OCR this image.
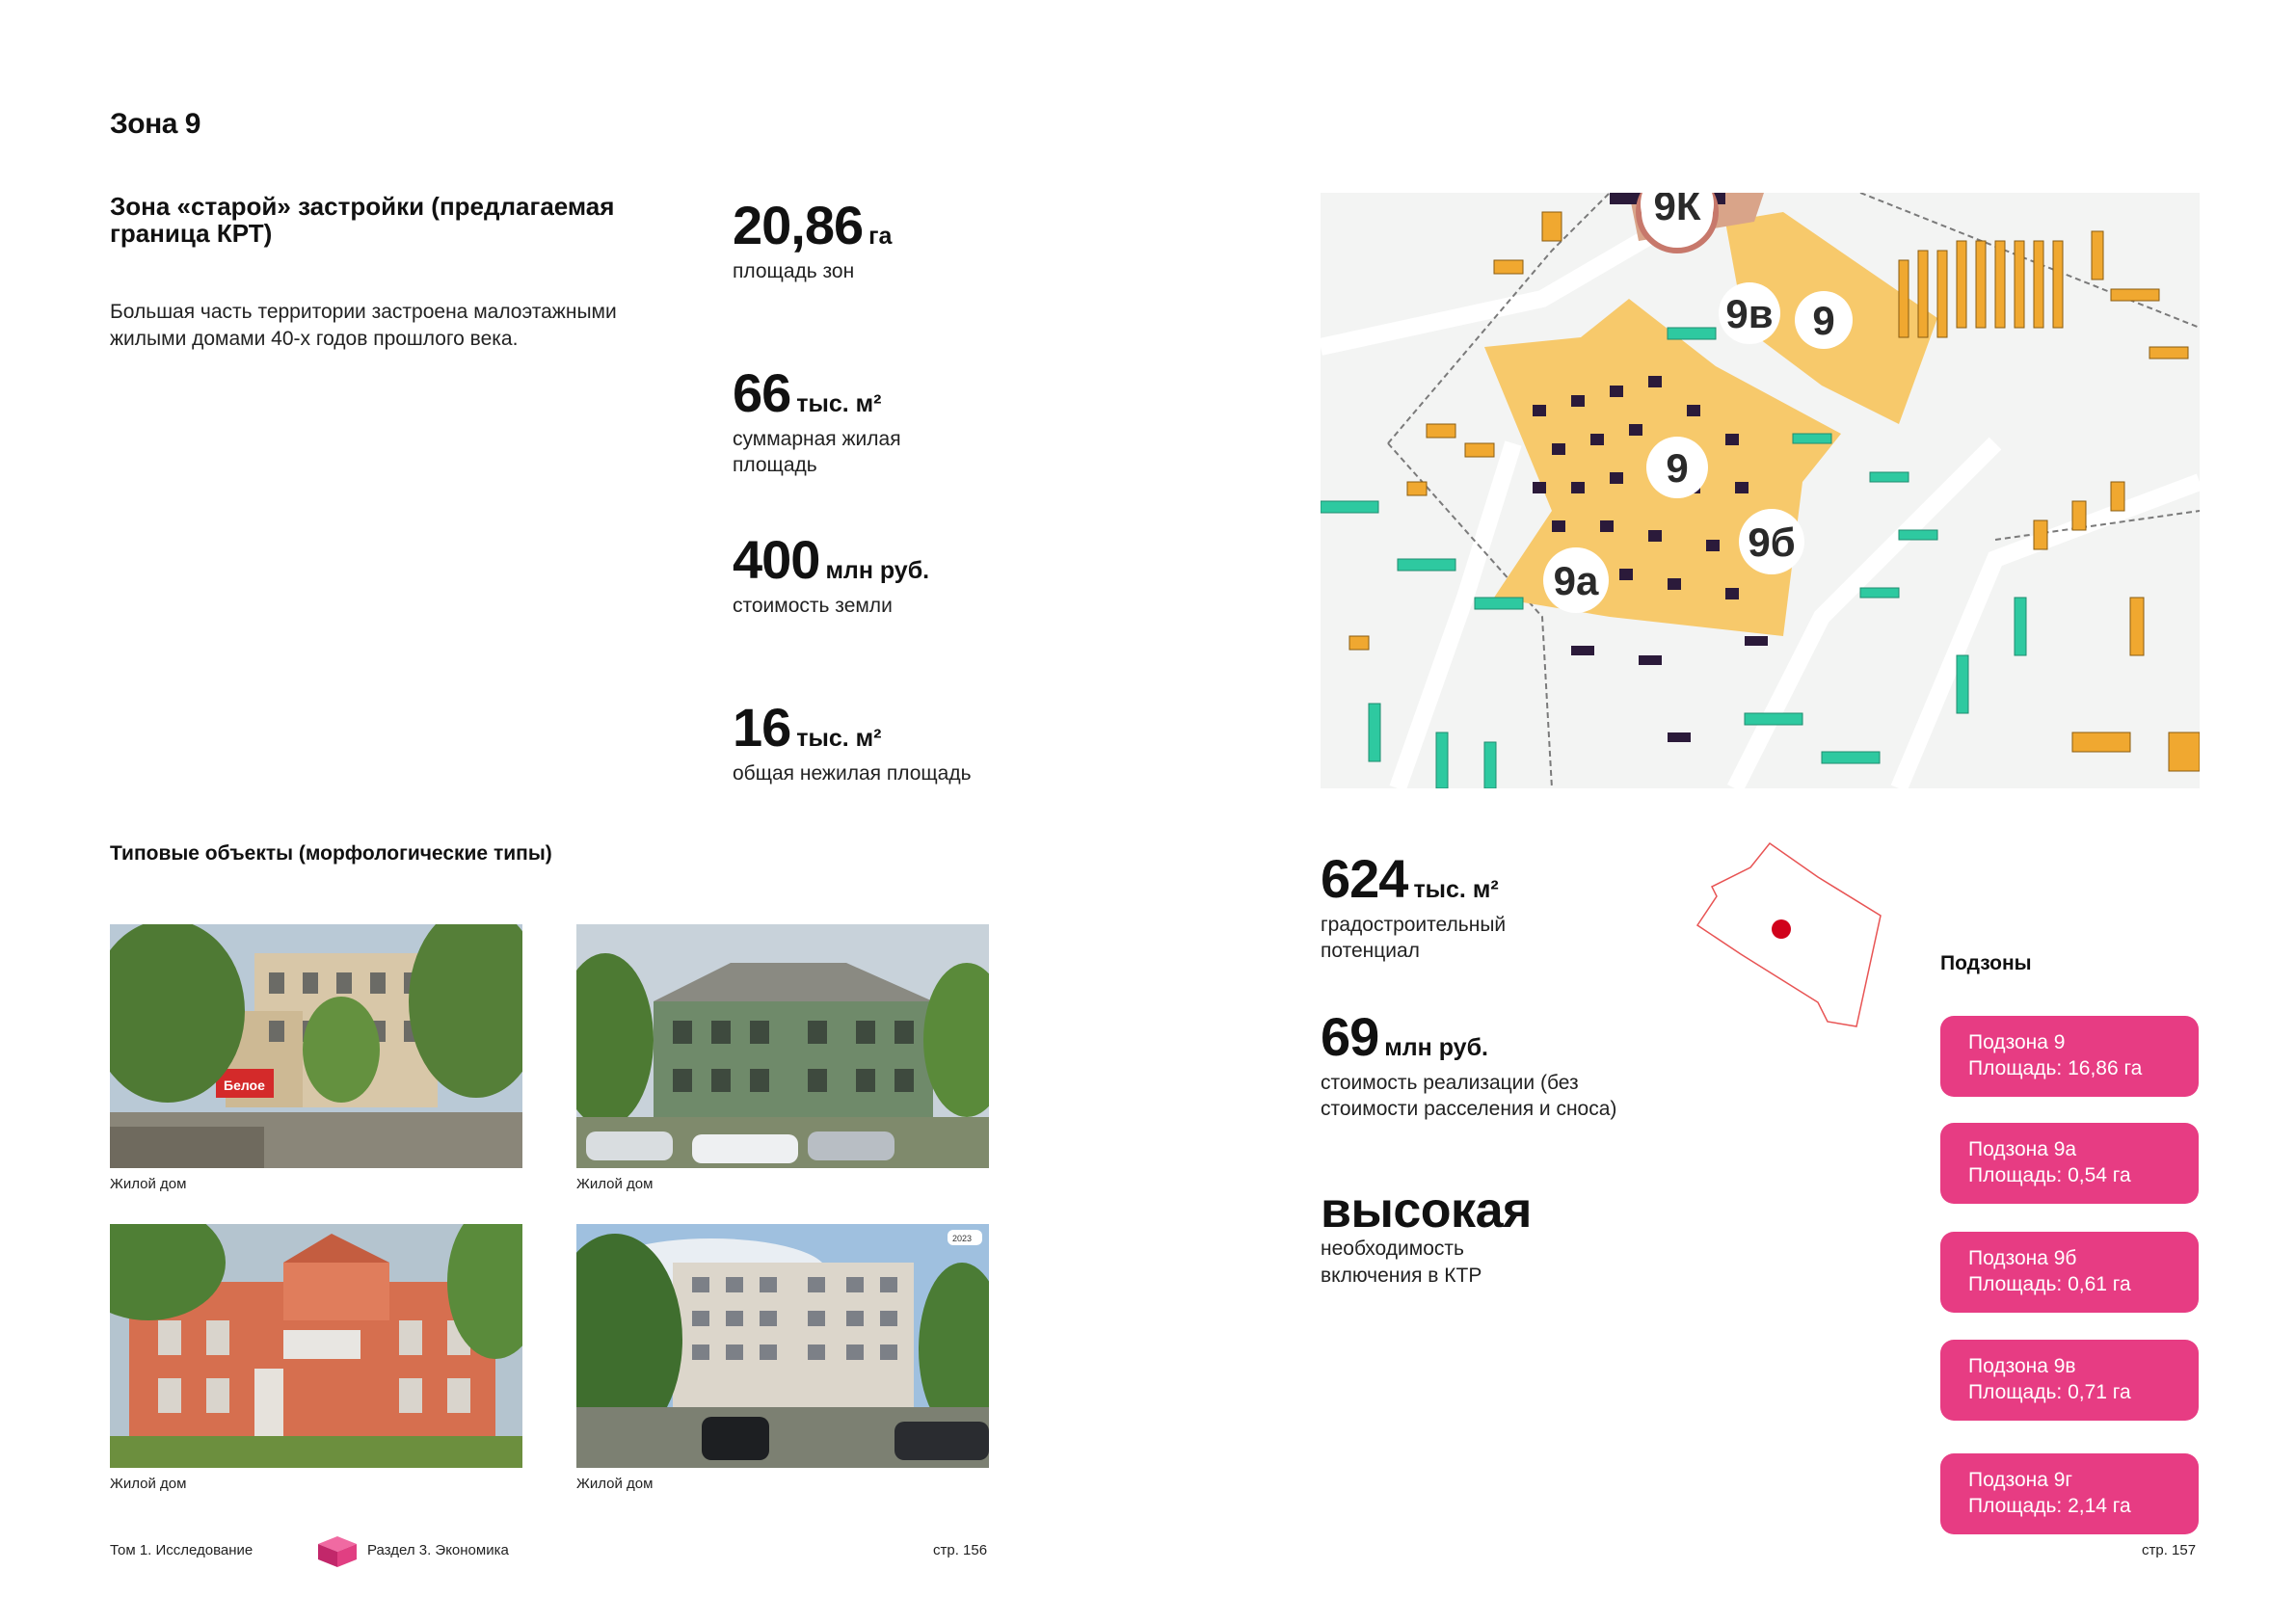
Зона 9
Зона «старой» застройки (предлагаемая граница КРТ)
Большая часть территории застроена малоэтажными жилыми домами 40-х годов прошлого века.
20,86 га
площадь зон
66 тыс. м²
суммарная жилая площадь
400 млн руб.
стоимость земли
16 тыс. м²
общая нежилая площадь
Типовые объекты (морфологические типы)
Белое
Жилой дом	Жилой дом
Жилой дом
2023
Жилой дом
Том 1. Исследование	Раздел 3. Экономика	стр. 156
9К
9в 9
9
9б
9а
624 тыс. м²
градостроительный потенциал
69 млн руб.
стоимость реализации (без стоимости расселения и сноса)
высокая
необходимость включения в КТР
Подзоны
Подзона 9
Площадь: 16,86 га
Подзона 9а
Площадь: 0,54 га
Подзона 9б
Площадь: 0,61 га
Подзона 9в
Площадь: 0,71 га
Подзона 9г
Площадь: 2,14 га
стр. 157
